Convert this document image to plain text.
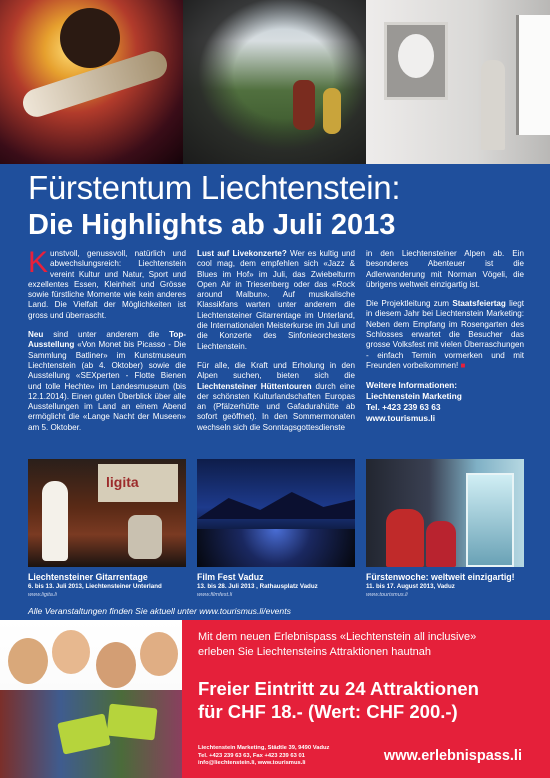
Fürstentum Liechtenstein:
Die Highlights ab Juli 2013

Kunstvoll, genussvoll, natürlich und abwechslungsreich: Liechtenstein vereint Kultur und Natur, Sport und exzellentes Essen, Kleinheit und Grösse sowie fürstliche Momente wie kein anderes Land. Die Vielfalt der Möglichkeiten ist gross und überrascht.

Neu sind unter anderem die Top-Ausstellung «Von Monet bis Picasso - Die Sammlung Batliner» im Kunstmuseum Liechtenstein (ab 4. Oktober) sowie die Ausstellung «SEXperten - Flotte Bienen und tolle Hechte» im Landesmuseum (bis 12.1.2014). Einen guten Überblick über alle Ausstellungen im Land an einem Abend ermöglicht die «Lange Nacht der Museen» am 5. Oktober.

Lust auf Livekonzerte? Wer es kultig und cool mag, dem empfehlen sich «Jazz & Blues im Hof» im Juli, das Zwiebelturm Open Air in Triesenberg oder das «Rock around Malbun». Auf musikalische Klassikfans warten unter anderem die Liechtensteiner Gitarrentage im Unterland, die Internationalen Meisterkurse im Juli und die Konzerte des Sinfonieorchesters Liechtenstein.

Für alle, die Kraft und Erholung in den Alpen suchen, bieten sich die Liechtensteiner Hüttentouren durch eine der schönsten Kulturlandschaften Europas an (Pfälzerhütte und Gafadurahütte ab sofort geöffnet). In den Sommermonaten wechseln sich die Sonntagsgottesdienste

in den Liechtensteiner Alpen ab. Ein besonderes Abenteuer ist die Adlerwanderung mit Norman Vögeli, die übrigens weltweit einzigartig ist.

Die Projektleitung zum Staatsfeiertag liegt in diesem Jahr bei Liechtenstein Marketing: Neben dem Empfang im Rosengarten des Schlosses erwartet die Besucher das grosse Volksfest mit vielen Überraschungen - einfach Termin vormerken und mit Freunden vorbeikommen! ■

Weitere Informationen:
Liechtenstein Marketing
Tel. +423 239 63 63
www.tourismus.li
ligita
Liechtensteiner Gitarrentage
6. bis 13. Juli 2013, Liechtensteiner Unterland
www.ligita.li
Film Fest Vaduz
13. bis 28. Juli 2013 , Rathausplatz Vaduz
www.filmfest.li
Fürstenwoche: weltweit einzigartig!
11. bis 17. August 2013, Vaduz
www.tourismus.li
Alle Veranstaltungen finden Sie aktuell unter www.tourismus.li/events
Mit dem neuen Erlebnispass «Liechtenstein all inclusive»
erleben Sie Liechtensteins Attraktionen hautnah
Freier Eintritt zu 24 Attraktionen
für CHF 18.- (Wert: CHF 200.-)
Liechtenstein Marketing, Städtle 39, 9490 Vaduz
Tel. +423 239 63 63, Fax +423 239 63 01
info@liechtenstein.li, www.tourismus.li	www.erlebnispass.li
